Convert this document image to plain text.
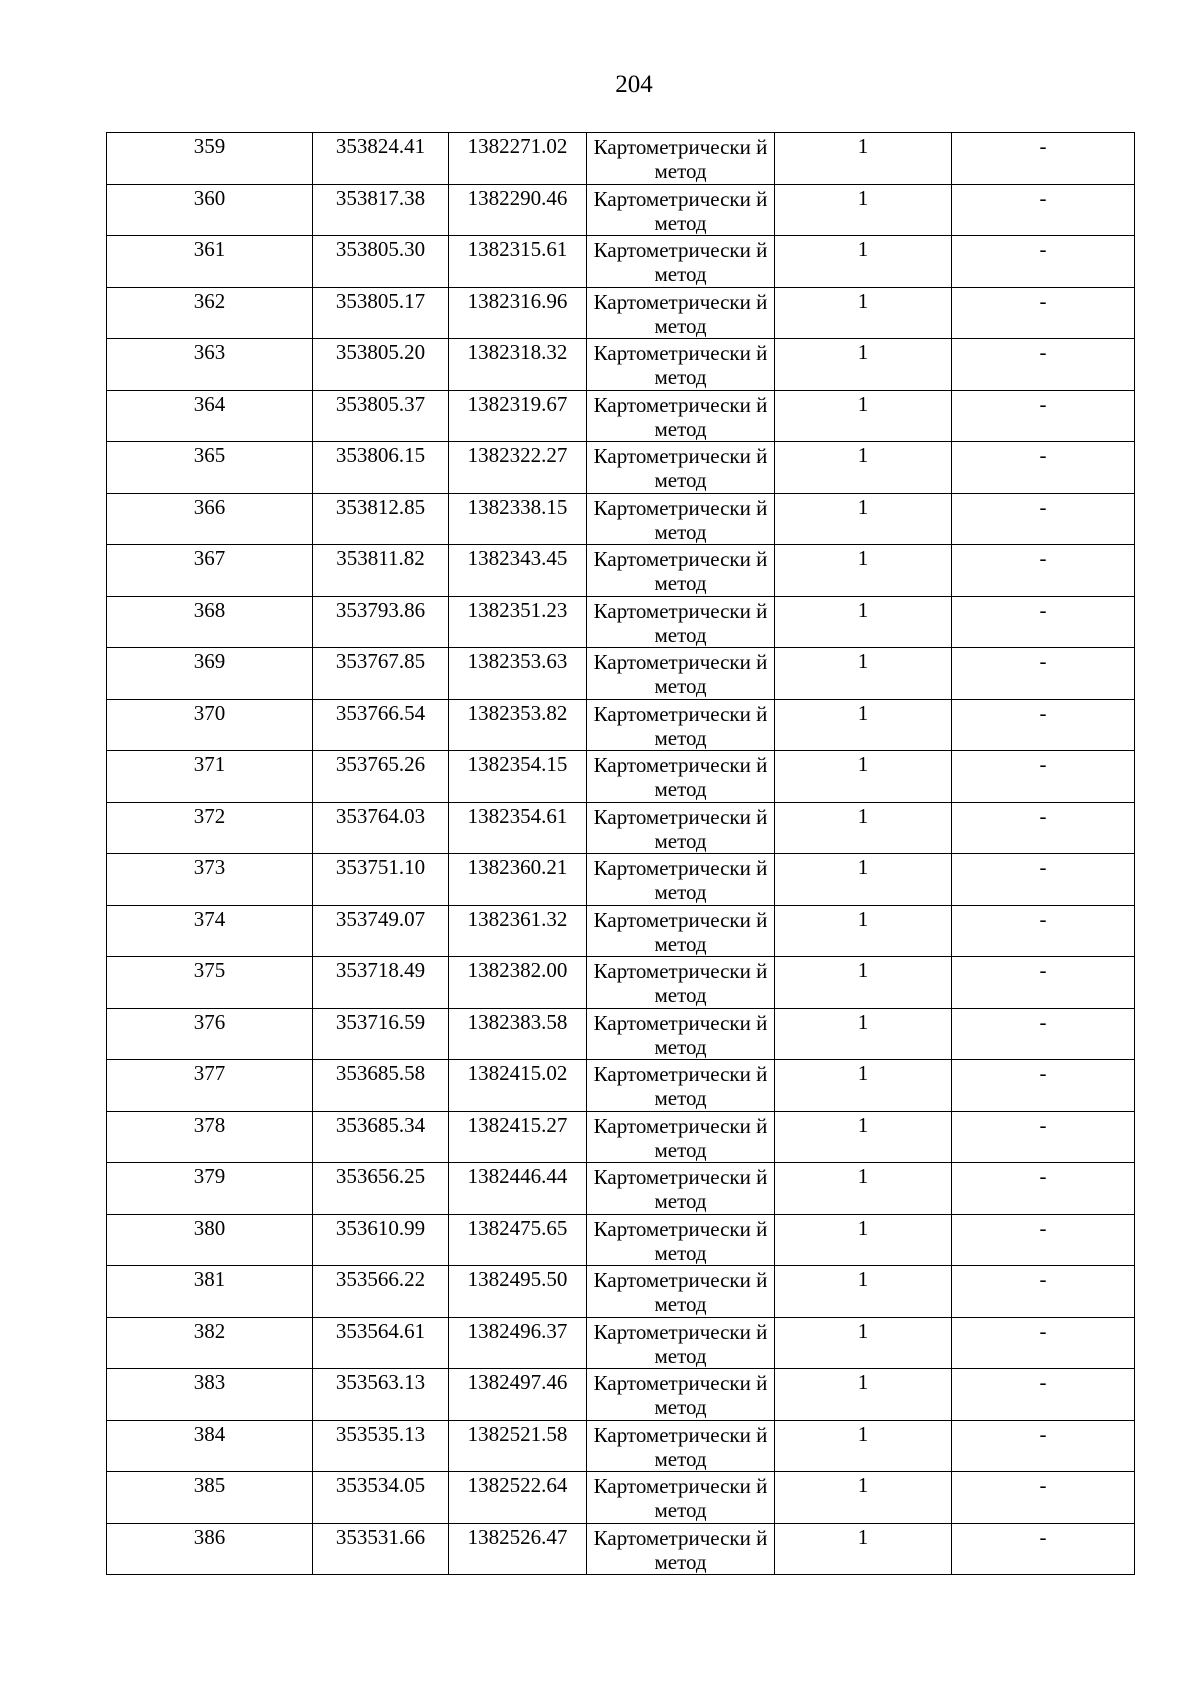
204
359	353824.41	1382271.02	Картометрически й метод	1	-

360	353817.38	1382290.46	Картометрически й метод	1	-

361	353805.30	1382315.61	Картометрически й метод	1	-

362	353805.17	1382316.96	Картометрически й метод	1	-

363	353805.20	1382318.32	Картометрически й метод	1	-

364	353805.37	1382319.67	Картометрически й метод	1	-

365	353806.15	1382322.27	Картометрически й метод	1	-

366	353812.85	1382338.15	Картометрически й метод	1	-

367	353811.82	1382343.45	Картометрически й метод	1	-

368	353793.86	1382351.23	Картометрически й метод	1	-

369	353767.85	1382353.63	Картометрически й метод	1	-

370	353766.54	1382353.82	Картометрически й метод	1	-

371	353765.26	1382354.15	Картометрически й метод	1	-

372	353764.03	1382354.61	Картометрически й метод	1	-

373	353751.10	1382360.21	Картометрически й метод	1	-

374	353749.07	1382361.32	Картометрически й метод	1	-

375	353718.49	1382382.00	Картометрически й метод	1	-

376	353716.59	1382383.58	Картометрически й метод	1	-

377	353685.58	1382415.02	Картометрически й метод	1	-

378	353685.34	1382415.27	Картометрически й метод	1	-

379	353656.25	1382446.44	Картометрически й метод	1	-

380	353610.99	1382475.65	Картометрически й метод	1	-

381	353566.22	1382495.50	Картометрически й метод	1	-

382	353564.61	1382496.37	Картометрически й метод	1	-

383	353563.13	1382497.46	Картометрически й метод	1	-

384	353535.13	1382521.58	Картометрически й метод	1	-

385	353534.05	1382522.64	Картометрически й метод	1	-

386	353531.66	1382526.47	Картометрически й метод	1	-
